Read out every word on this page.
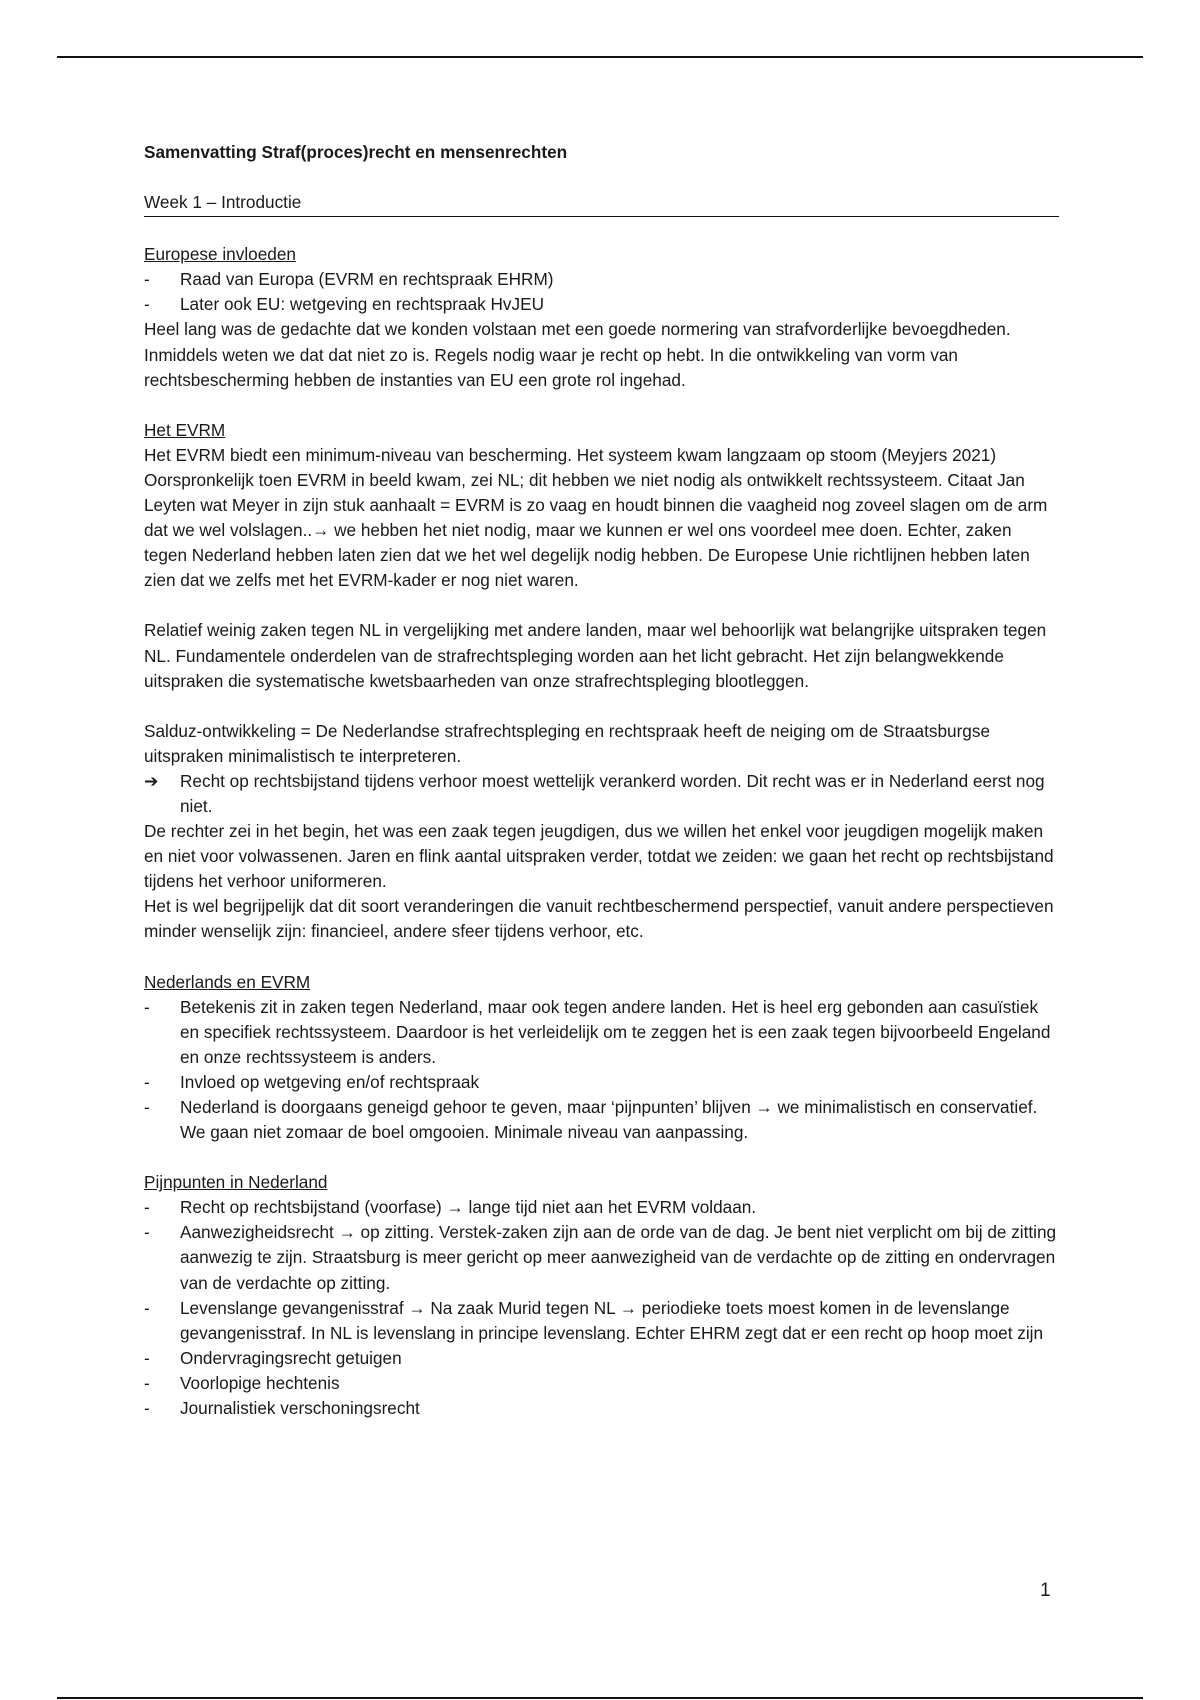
Samenvatting Straf(proces)recht en mensenrechten

Week 1 – Introductie

Europese invloeden

- Raad van Europa (EVRM en rechtspraak EHRM)
- Later ook EU: wetgeving en rechtspraak HvJEU

Heel lang was de gedachte dat we konden volstaan met een goede normering van strafvorderlijke bevoegdheden. Inmiddels weten we dat dat niet zo is. Regels nodig waar je recht op hebt. In die ontwikkeling van vorm van rechtsbescherming hebben de instanties van EU een grote rol ingehad.

Het EVRM

Het EVRM biedt een minimum-niveau van bescherming. Het systeem kwam langzaam op stoom (Meyjers 2021) Oorspronkelijk toen EVRM in beeld kwam, zei NL; dit hebben we niet nodig als ontwikkelt rechtssysteem. Citaat Jan Leyten wat Meyer in zijn stuk aanhaalt = EVRM is zo vaag en houdt binnen die vaagheid nog zoveel slagen om de arm dat we wel volslagen..→ we hebben het niet nodig, maar we kunnen er wel ons voordeel mee doen. Echter, zaken tegen Nederland hebben laten zien dat we het wel degelijk nodig hebben. De Europese Unie richtlijnen hebben laten zien dat we zelfs met het EVRM-kader er nog niet waren.

Relatief weinig zaken tegen NL in vergelijking met andere landen, maar wel behoorlijk wat belangrijke uitspraken tegen NL. Fundamentele onderdelen van de strafrechtspleging worden aan het licht gebracht. Het zijn belangwekkende uitspraken die systematische kwetsbaarheden van onze strafrechtspleging blootleggen.

Salduz-ontwikkeling = De Nederlandse strafrechtspleging en rechtspraak heeft de neiging om de Straatsburgse uitspraken minimalistisch te interpreteren.

➔ Recht op rechtsbijstand tijdens verhoor moest wettelijk verankerd worden. Dit recht was er in Nederland eerst nog niet.

De rechter zei in het begin, het was een zaak tegen jeugdigen, dus we willen het enkel voor jeugdigen mogelijk maken en niet voor volwassenen. Jaren en flink aantal uitspraken verder, totdat we zeiden: we gaan het recht op rechtsbijstand tijdens het verhoor uniformeren.

Het is wel begrijpelijk dat dit soort veranderingen die vanuit rechtbeschermend perspectief, vanuit andere perspectieven minder wenselijk zijn: financieel, andere sfeer tijdens verhoor, etc.

Nederlands en EVRM

- Betekenis zit in zaken tegen Nederland, maar ook tegen andere landen. Het is heel erg gebonden aan casuïstiek en specifiek rechtssysteem. Daardoor is het verleidelijk om te zeggen het is een zaak tegen bijvoorbeeld Engeland en onze rechtssysteem is anders.
- Invloed op wetgeving en/of rechtspraak
- Nederland is doorgaans geneigd gehoor te geven, maar ‘pijnpunten’ blijven → we minimalistisch en conservatief. We gaan niet zomaar de boel omgooien. Minimale niveau van aanpassing.

Pijnpunten in Nederland

- Recht op rechtsbijstand (voorfase) → lange tijd niet aan het EVRM voldaan.
- Aanwezigheidsrecht → op zitting. Verstek-zaken zijn aan de orde van de dag. Je bent niet verplicht om bij de zitting aanwezig te zijn. Straatsburg is meer gericht op meer aanwezigheid van de verdachte op de zitting en ondervragen van de verdachte op zitting.
- Levenslange gevangenisstraf → Na zaak Murid tegen NL → periodieke toets moest komen in de levenslange gevangenisstraf. In NL is levenslang in principe levenslang. Echter EHRM zegt dat er een recht op hoop moet zijn
- Ondervragingsrecht getuigen
- Voorlopige hechtenis
- Journalistiek verschoningsrecht
1
